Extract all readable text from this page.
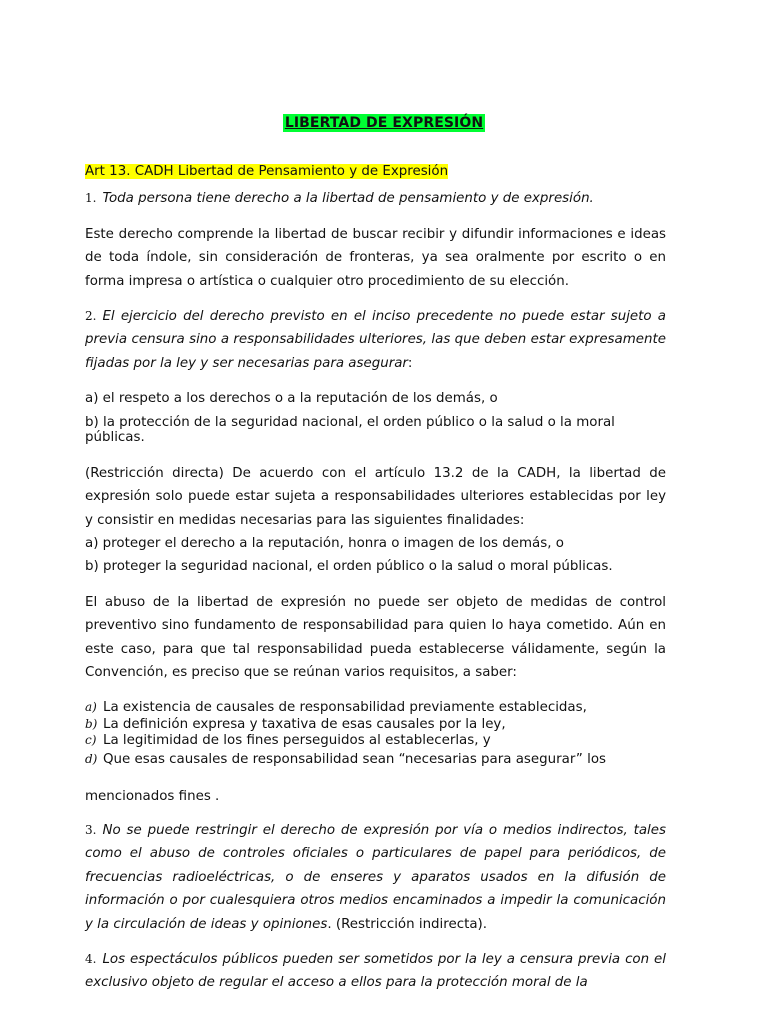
LIBERTAD DE EXPRESIÓN
Art 13. CADH Libertad de Pensamiento y de Expresión
1. Toda persona tiene derecho a la libertad de pensamiento y de expresión.
Este derecho comprende la libertad de buscar recibir y difundir informaciones e ideas de toda índole, sin consideración de fronteras, ya sea oralmente por escrito o en forma impresa o artística o cualquier otro procedimiento de su elección.
2. El ejercicio del derecho previsto en el inciso precedente no puede estar sujeto a previa censura sino a responsabilidades ulteriores, las que deben estar expresamente fijadas por la ley y ser necesarias para asegurar:
a) el respeto a los derechos o a la reputación de los demás, o
b) la protección de la seguridad nacional, el orden público o la salud o la moral públicas.
(Restricción directa) De acuerdo con el artículo 13.2 de la CADH, la libertad de expresión solo puede estar sujeta a responsabilidades ulteriores establecidas por ley y consistir en medidas necesarias para las siguientes finalidades:
a) proteger el derecho a la reputación, honra o imagen de los demás, o
b) proteger la seguridad nacional, el orden público o la salud o moral públicas.
El abuso de la libertad de expresión no puede ser objeto de medidas de control preventivo sino fundamento de responsabilidad para quien lo haya cometido. Aún en este caso, para que tal responsabilidad pueda establecerse válidamente, según la Convención, es preciso que se reúnan varios requisitos, a saber:
a) La existencia de causales de responsabilidad previamente establecidas,
b) La definición expresa y taxativa de esas causales por la ley,
c) La legitimidad de los fines perseguidos al establecerlas, y
d) Que esas causales de responsabilidad sean “necesarias para asegurar” los
mencionados fines .
3. No se puede restringir el derecho de expresión por vía o medios indirectos, tales como el abuso de controles oficiales o particulares de papel para periódicos, de frecuencias radioeléctricas, o de enseres y aparatos usados en la difusión de información o por cualesquiera otros medios encaminados a impedir la comunicación y la circulación de ideas y opiniones. (Restricción indirecta).
4. Los espectáculos públicos pueden ser sometidos por la ley a censura previa con el exclusivo objeto de regular el acceso a ellos para la protección moral de la
